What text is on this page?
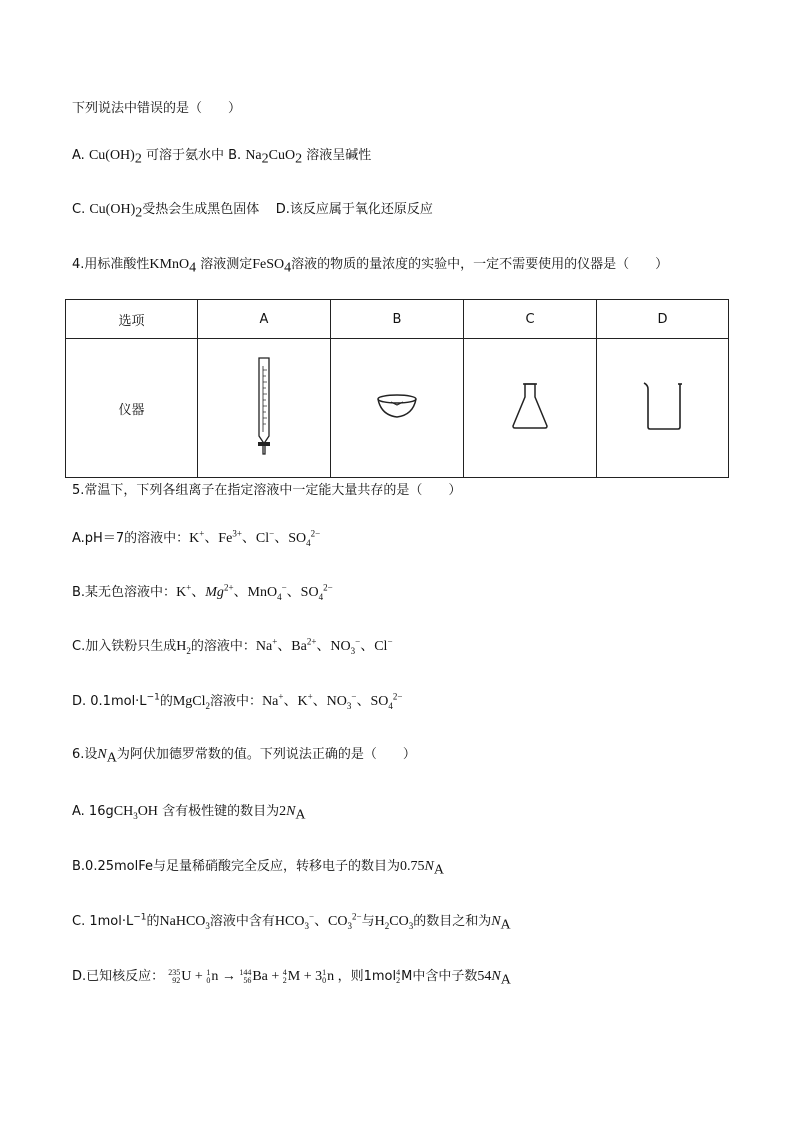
下列说法中错误的是（　　）
A. $Cu(OH)_2$ 可溶于氨水中 B. $Na_2CuO_2$ 溶液呈碱性
C. $Cu(OH)_2$受热会生成黑色固体 D.该反应属于氧化还原反应
4.用标准酸性KMnO$_4$ 溶液测定FeSO$_4$溶液的物质的量浓度的实验中，一定不需要使用的仪器是（　　）
选项	A	B	C	D
仪器				
5.常温下，下列各组离子在指定溶液中一定能大量共存的是（　　）
A.pH＝7的溶液中：K+、$Fe^{3+}$、Cl−、$SO_4^{2-}$
B.某无色溶液中：K+、$Mg^{2+}$、MnO$_4$−、$SO_4^{2-}$
C.加入铁粉只生成$H_2$的溶液中：Na+、$Ba^{2+}$、$NO_3^-$、Cl−
D. $0.1mol\cdot L^{-1}$的MgCl$_2$溶液中：Na+、K+、$NO_3^-$、$SO_4^{2-}$
6.设$N_A$为阿伏加德罗常数的值。下列说法正确的是（　　）
A. 16gCH$_3$OH 含有极性键的数目为$2N_A$
B.0.25molFe与足量稀硝酸完全反应，转移电子的数目为$0.75N_A$
C. $1mol\cdot L^{-1}$的NaHCO$_3$溶液中含有$HCO_3^-$、$CO_3^{2-}$与$H_2CO_3$的数目之和为$N_A$
D.已知核反应： 235
92 U + 1
0 n → 144
56 Ba + 4
2 M + 3 1
0 n ，则1mol 4
2 M中含中子数$54N_A$
